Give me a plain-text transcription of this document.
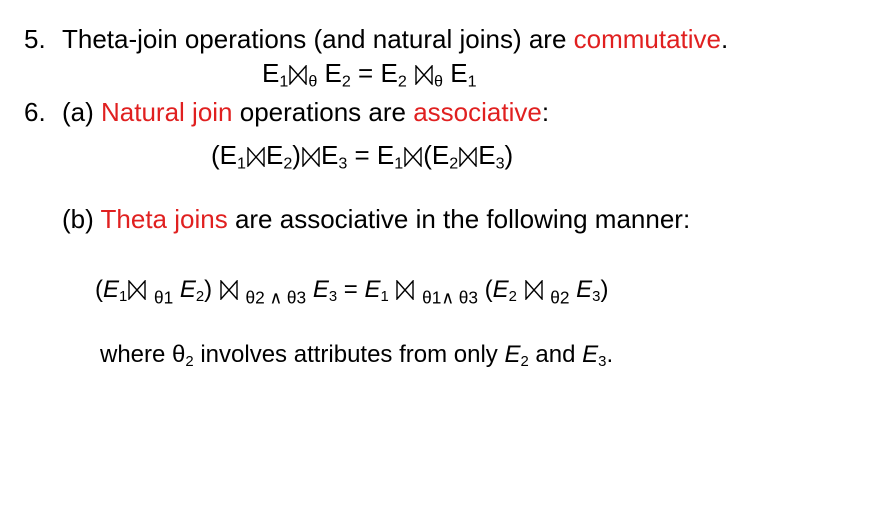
5. Theta-join operations (and natural joins) are commutative.
$E_1$ $_\theta$ $E_2 = E_2$ $_\theta$ $E_1$
6. (a) Natural join operations are associative:
($E_1$ $E_2$) $E_3 = E_1$ ($E_2$ $E_3$)
(b) Theta joins are associative in the following manner:
($E_1$ $_{\theta 1}$ $E_2$) $_{\theta 2 \wedge \theta 3}$ $E_3 = E_1$ $_{\theta 1\wedge \theta 3}$ ($E_2$ $_{\theta 2}$ $E_3$)
where $\theta_2$ involves attributes from only $E_2$ and $E_3$.
